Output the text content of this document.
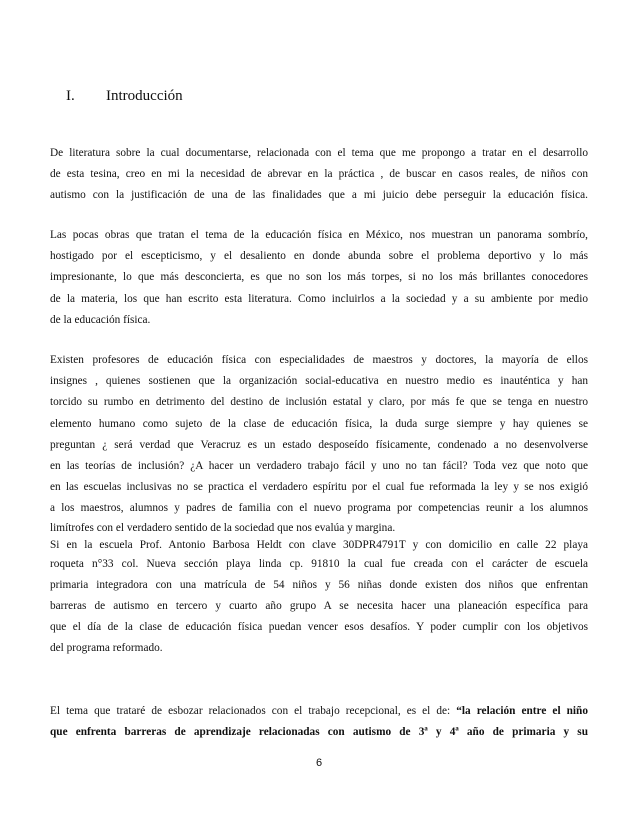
I. Introducción

De literatura sobre la cual documentarse, relacionada con el tema que me propongo a tratar en el desarrollo
de esta tesina, creo en mi la necesidad de abrevar en la práctica , de buscar en casos reales, de niños con
autismo con la justificación de una de las finalidades que a mi juicio debe perseguir la educación física.

Las pocas obras que tratan el tema de la educación física en México, nos muestran un panorama sombrío,
hostigado por el escepticismo, y el desaliento en donde abunda sobre el problema deportivo y lo más
impresionante, lo que más desconcierta, es que no son los más torpes, si no los más brillantes conocedores
de la materia, los que han escrito esta literatura. Como incluirlos a la sociedad y a su ambiente por medio
de la educación física.

Existen profesores de educación física con especialidades de maestros y doctores, la mayoría de ellos
insignes , quienes sostienen que la organización social-educativa en nuestro medio es inauténtica y han
torcido su rumbo en detrimento del destino de inclusión estatal y claro, por más fe que se tenga en nuestro
elemento humano como sujeto de la clase de educación física, la duda surge siempre y hay quienes se
preguntan ¿ será verdad que Veracruz es un estado desposeído físicamente, condenado a no desenvolverse
en las teorías de inclusión? ¿A hacer un verdadero trabajo fácil y uno no tan fácil? Toda vez que noto que
en las escuelas inclusivas no se practica el verdadero espíritu por el cual fue reformada la ley y se nos exigió
a los maestros, alumnos y padres de familia con el nuevo programa por competencias reunir a los alumnos
limítrofes con el verdadero sentido de la sociedad que nos evalúa y margina.
Si en la escuela Prof. Antonio Barbosa Heldt con clave 30DPR4791T y con domicilio en calle 22 playa
roqueta n°33 col. Nueva sección playa linda cp. 91810 la cual fue creada con el carácter de escuela
primaria integradora con una matrícula de 54 niños y 56 niñas donde existen dos niños que enfrentan
barreras de autismo en tercero y cuarto año grupo A se necesita hacer una planeación específica para
que el día de la clase de educación física puedan vencer esos desafíos. Y poder cumplir con los objetivos
del programa reformado.

El tema que trataré de esbozar relacionados con el trabajo recepcional, es el de: “la relación entre el niño
que enfrenta barreras de aprendizaje relacionadas con autismo de 3ª y 4ª año de primaria y su

6
